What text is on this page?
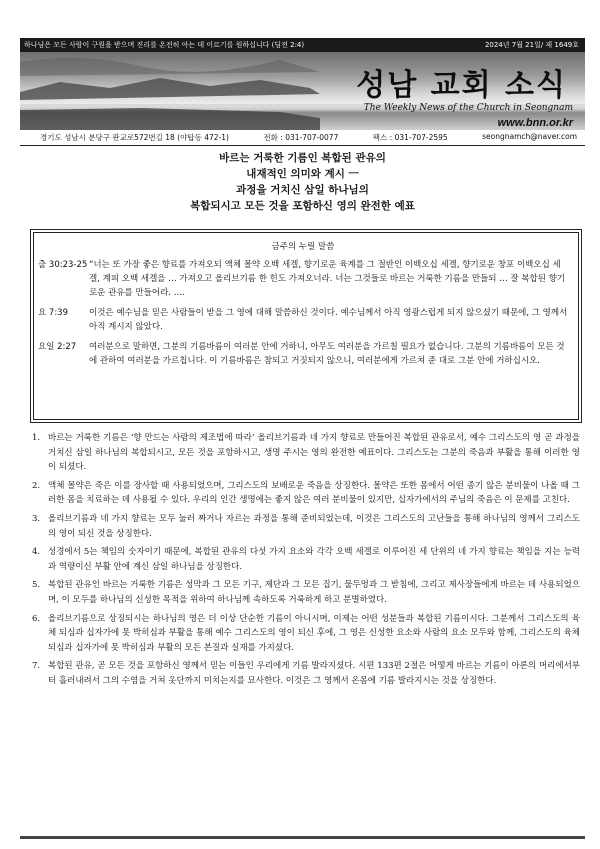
하나님은 모든 사람이 구원을 받으며 진리를 온전히 아는 데 이르기를 원하십니다 (딤전 2:4)	2024년 7월 21일/ 제 1649호
성남 교회 소식
The Weekly News of the Church in Seongnam
www.bnn.or.kr
경기도 성남시 분당구 판교로572번길 18 (야탑동 472-1)	전화 : 031-707-0077	팩스 : 031-707-2595	seongnamch@naver.com
바르는 거룩한 기름인 복합된 관유의
내재적인 의미와 계시 ㅡ
과정을 거치신 삼일 하나님의
복합되시고 모든 것을 포함하신 영의 완전한 예표
금주의 누릴 말씀
출 30:23-25 “너는 또 가장 좋은 향료를 가져오되 액체 몰약 오백 세겔, 향기로운 육계를 그 절반인 이백오십 세겔, 향기로운 창포 이백오십 세겔, 계피 오백 세겔을 … 가져오고 올리브기름 한 힌도 가져오너라. 너는 그것들로 바르는 거룩한 기름을 만들되 … 잘 복합된 향기로운 관유를 만들어라. ….
요 7:39 이것은 예수님을 믿은 사람들이 받을 그 영에 대해 말씀하신 것이다. 예수님께서 아직 영광스럽게 되지 않으셨기 때문에, 그 영께서 아직 계시지 않았다.
요일 2:27 여러분으로 말하면, 그분의 기름바름이 여러분 안에 거하니, 아무도 여러분을 가르칠 필요가 없습니다. 그분의 기름바름이 모든 것에 관하여 여러분을 가르칩니다. 이 기름바름은 참되고 거짓되지 않으니, 여러분에게 가르쳐 준 대로 그분 안에 거하십시오.
1. 바르는 거룩한 기름은 ‘향 만드는 사람의 제조법에 따라’ 올리브기름과 네 가지 향료로 만들어진 복합된 관유로서, 예수 그리스도의 영 곧 과정을 거치신 삼일 하나님의 복합되시고, 모든 것을 포함하시고, 생명 주시는 영의 완전한 예표이다. 그리스도는 그분의 죽음과 부활을 통해 이러한 영이 되셨다.
2. 액체 몰약은 죽은 이를 장사할 때 사용되었으며, 그리스도의 보배로운 죽음을 상징한다. 몰약은 또한 몸에서 어떤 종기 않은 분비물이 나올 때 그러한 몸을 치료하는 데 사용될 수 있다. 우리의 인간 생명에는 좋지 않은 여러 분비물이 있지만, 십자가에서의 주님의 죽음은 이 문제를 고친다.
3. 올리브기름과 네 가지 향료는 모두 눌러 짜거나 자르는 과정을 통해 준비되었는데, 이것은 그리스도의 고난들을 통해 하나님의 영께서 그리스도의 영이 되신 것을 상징한다.
4. 성경에서 5는 책임의 숫자이기 때문에, 복합된 관유의 다섯 가지 요소와 각각 오백 세겔로 이루어진 세 단위의 네 가지 향료는 책임을 지는 능력과 역량이신 부활 안에 계신 삼일 하나님을 상징한다.
5. 복합된 관유인 바르는 거룩한 기름은 성막과 그 모든 기구, 제단과 그 모든 집기, 물두멍과 그 받침에, 그리고 제사장들에게 바르는 데 사용되었으며, 이 모두를 하나님의 신성한 목적을 위하여 하나님께 속하도록 거룩하게 하고 분별하였다.
6. 올리브기름으로 상징되시는 하나님의 영은 더 이상 단순한 기름이 아니시며, 이제는 어떤 성분들과 복합된 기름이시다. 그분께서 그리스도의 육체 되심과 십자가에 못 박히심과 부활을 통해 예수 그리스도의 영이 되신 후에, 그 영은 신성한 요소와 사람의 요소 모두와 함께, 그리스도의 육체 되심과 십자가에 못 박히심과 부활의 모든 본질과 실재를 가지셨다.
7. 복합된 관유, 곧 모든 것을 포함하신 영께서 믿는 이들인 우리에게 기름 발라지셨다. 시편 133편 2절은 어떻게 바르는 기름이 아론의 머리에서부터 흘러내려서 그의 수염을 거쳐 옷단까지 미치는지를 묘사한다. 이것은 그 영께서 온몸에 기름 발라지시는 것을 상징한다.
